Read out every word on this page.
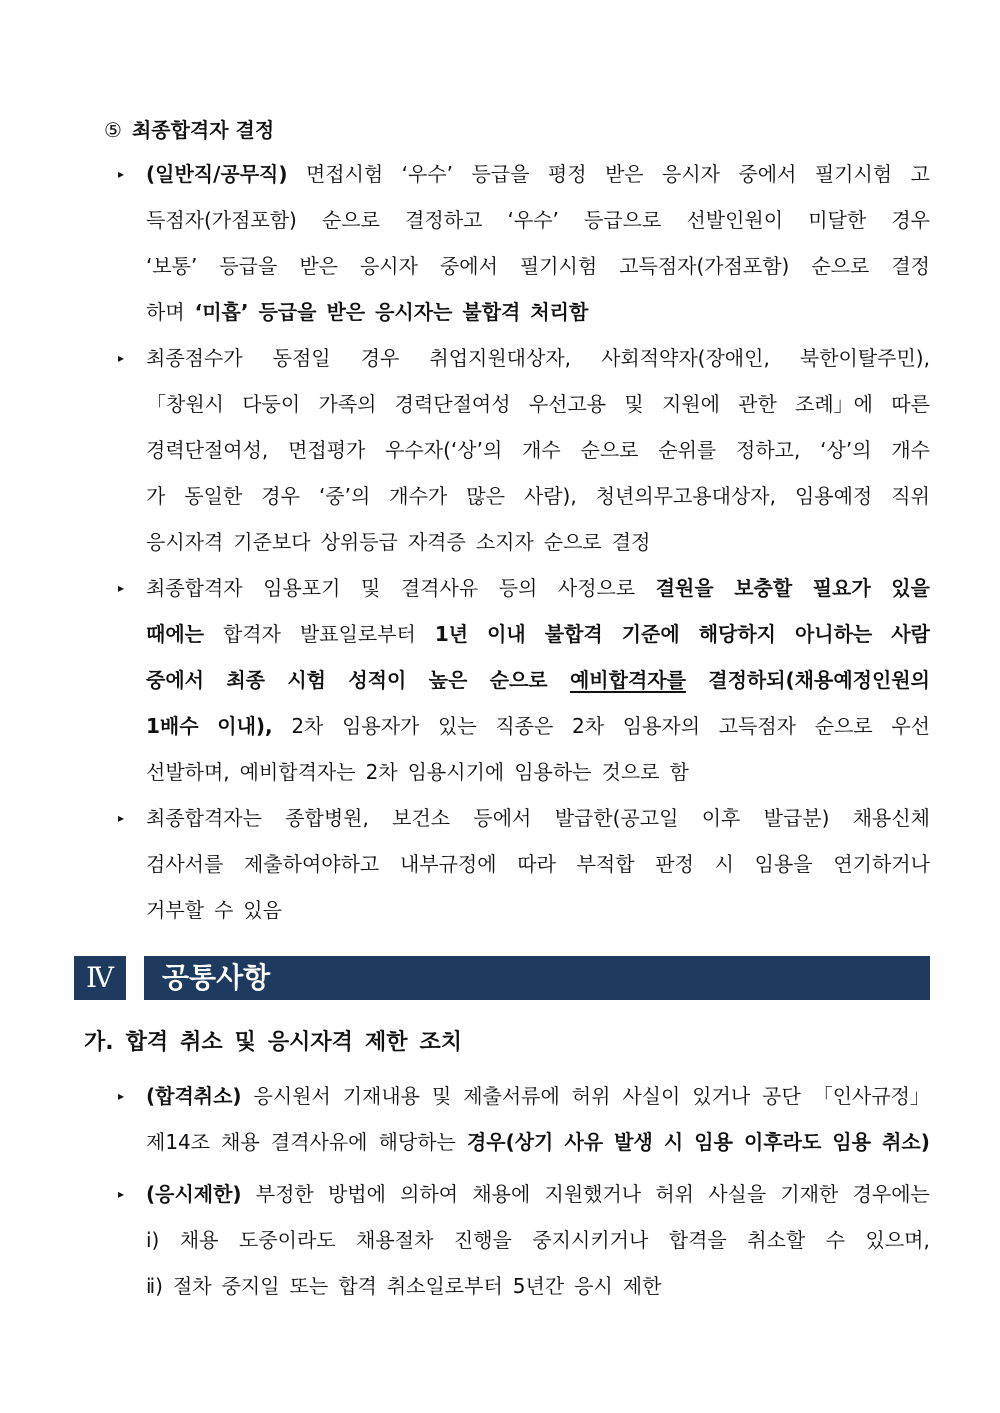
⑤ 최종합격자 결정
▸ (일반직/공무직) 면접시험 ‘우수’ 등급을 평정 받은 응시자 중에서 필기시험 고
득점자(가점포함) 순으로 결정하고 ‘우수’ 등급으로 선발인원이 미달한 경우
‘보통’ 등급을 받은 응시자 중에서 필기시험 고득점자(가점포함) 순으로 결정
하며 ‘미흡’ 등급을 받은 응시자는 불합격 처리함
▸ 최종점수가 동점일 경우 취업지원대상자, 사회적약자(장애인, 북한이탈주민),
「창원시 다둥이 가족의 경력단절여성 우선고용 및 지원에 관한 조례」에 따른
경력단절여성, 면접평가 우수자(‘상’의 개수 순으로 순위를 정하고, ‘상’의 개수
가 동일한 경우 ‘중’의 개수가 많은 사람), 청년의무고용대상자, 임용예정 직위
응시자격 기준보다 상위등급 자격증 소지자 순으로 결정
▸ 최종합격자 임용포기 및 결격사유 등의 사정으로 결원을 보충할 필요가 있을
때에는 합격자 발표일로부터 1년 이내 불합격 기준에 해당하지 아니하는 사람
중에서 최종 시험 성적이 높은 순으로 예비합격자를 결정하되(채용예정인원의
1배수 이내), 2차 임용자가 있는 직종은 2차 임용자의 고득점자 순으로 우선
선발하며, 예비합격자는 2차 임용시기에 임용하는 것으로 함
▸ 최종합격자는 종합병원, 보건소 등에서 발급한(공고일 이후 발급분) 채용신체
검사서를 제출하여야하고 내부규정에 따라 부적합 판정 시 임용을 연기하거나
거부할 수 있음
Ⅳ	공통사항
가. 합격 취소 및 응시자격 제한 조치
▸ (합격취소) 응시원서 기재내용 및 제출서류에 허위 사실이 있거나 공단 「인사규정」
제14조 채용 결격사유에 해당하는 경우(상기 사유 발생 시 임용 이후라도 임용 취소)
▸ (응시제한) 부정한 방법에 의하여 채용에 지원했거나 허위 사실을 기재한 경우에는
ⅰ) 채용 도중이라도 채용절차 진행을 중지시키거나 합격을 취소할 수 있으며,
ⅱ) 절차 중지일 또는 합격 취소일로부터 5년간 응시 제한
